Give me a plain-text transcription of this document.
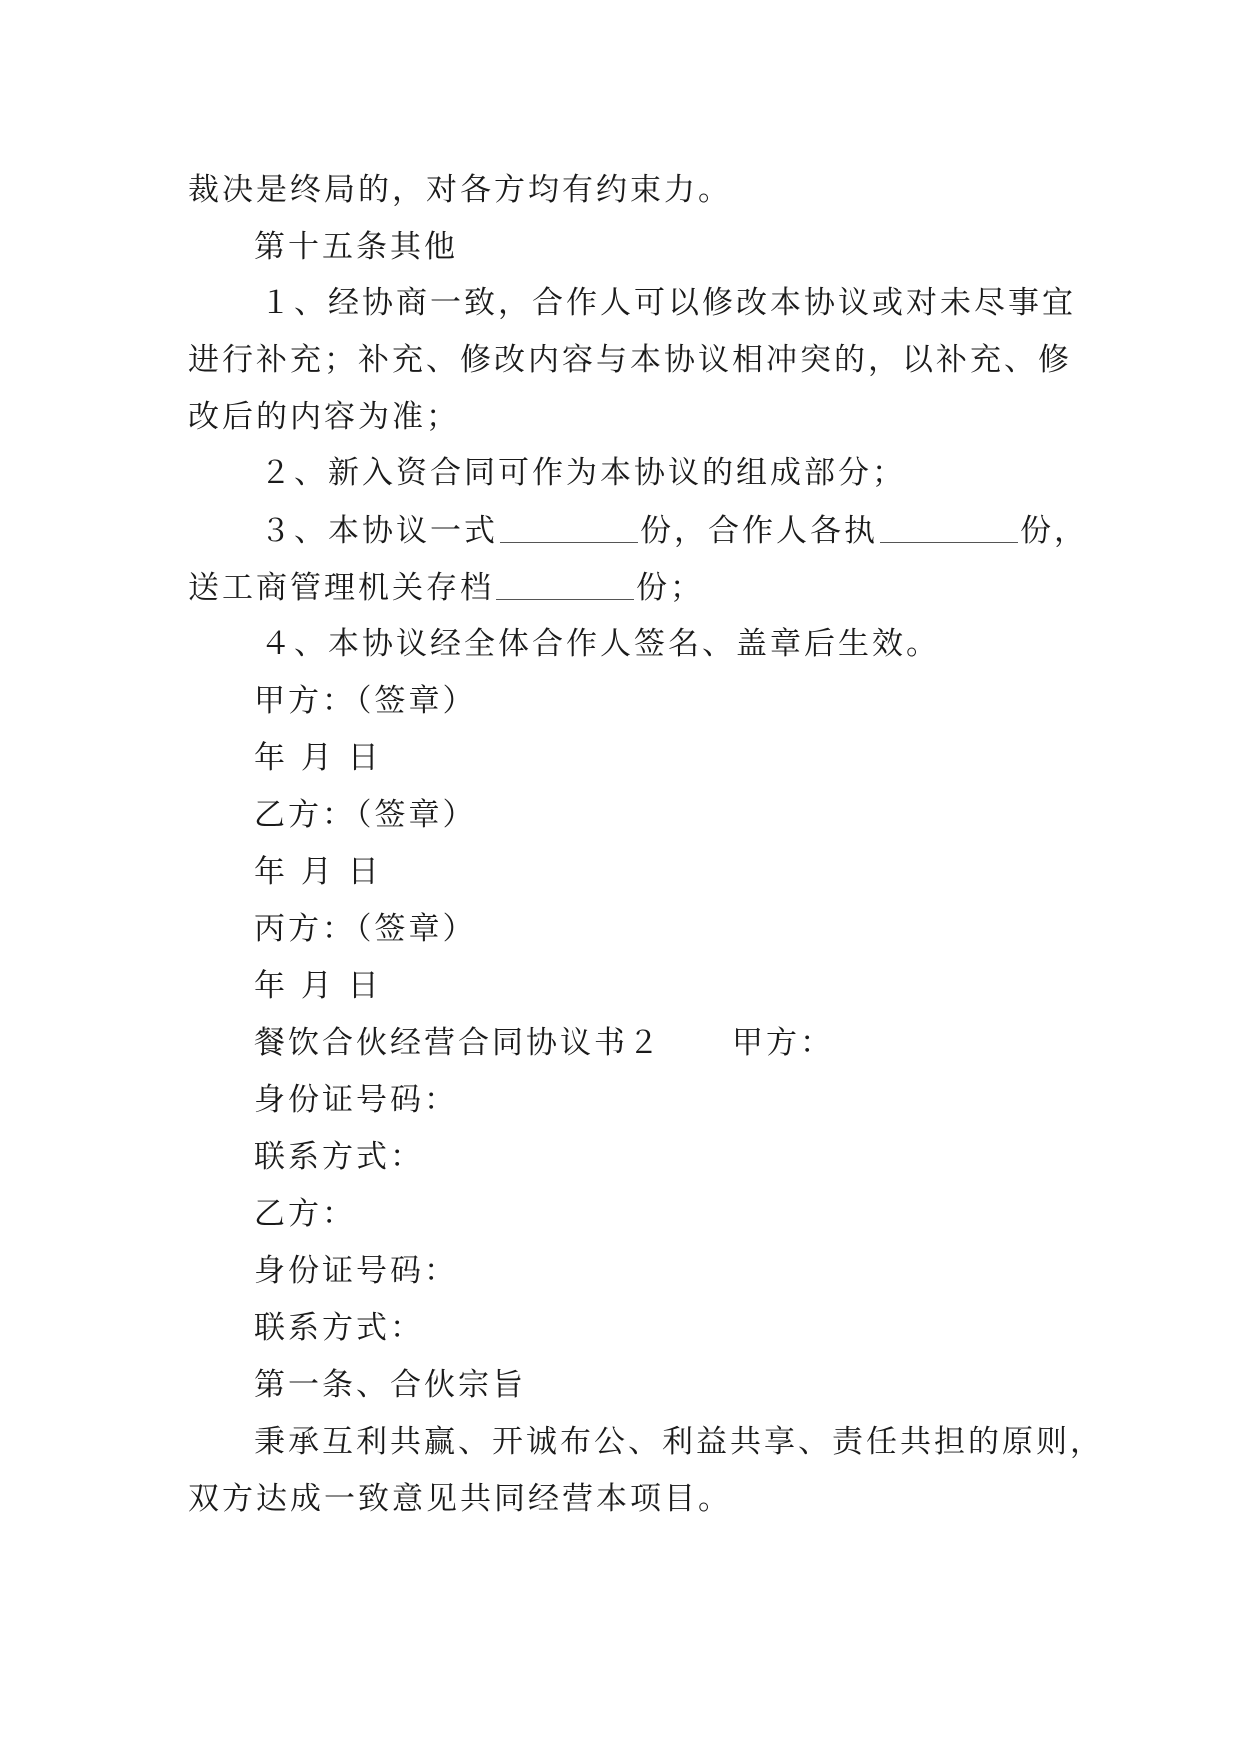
裁决是终局的，对各方均有约束力。
第十五条其他
１、经协商一致，合作人可以修改本协议或对未尽事宜
进行补充；补充、修改内容与本协议相冲突的，以补充、修
改后的内容为准；
２、新入资合同可作为本协议的组成部分；
３、本协议一式	份，合作人各执	份，
送工商管理机关存档	份；
４、本协议经全体合作人签名、盖章后生效。
甲方：（签章）
年 月 日
乙方：（签章）
年 月 日
丙方：（签章）
年 月 日
餐饮合伙经营合同协议书２ 甲方：
身份证号码：
联系方式：
乙方：
身份证号码：
联系方式：
第一条、合伙宗旨
秉承互利共赢、开诚布公、利益共享、责任共担的原则，
双方达成一致意见共同经营本项目。
